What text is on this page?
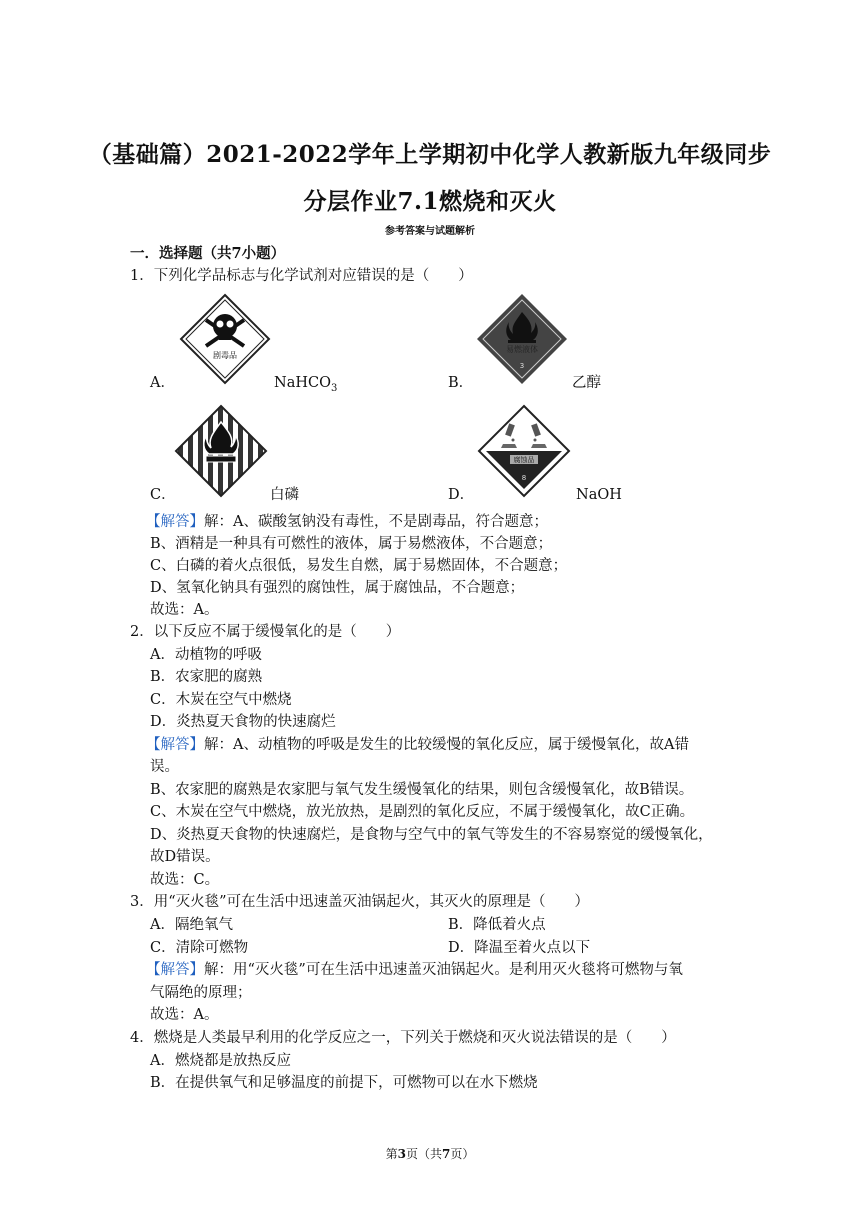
（基础篇）2021-2022学年上学期初中化学人教新版九年级同步
分层作业7.1燃烧和灭火
参考答案与试题解析
一．选择题（共7小题）
1．下列化学品标志与化学试剂对应错误的是（　　）
剧毒品
易燃液体
3
A．	NaHCO$_3$	B．	乙醇
腐蚀品
8
C．	白磷	D．	NaOH
【解答】解：A、碳酸氢钠没有毒性，不是剧毒品，符合题意；
B、酒精是一种具有可燃性的液体，属于易燃液体，不合题意；
C、白磷的着火点很低，易发生自燃，属于易燃固体，不合题意；
D、氢氧化钠具有强烈的腐蚀性，属于腐蚀品，不合题意；
故选：A。
2．以下反应不属于缓慢氧化的是（　　）
A．动植物的呼吸
B．农家肥的腐熟
C．木炭在空气中燃烧
D．炎热夏天食物的快速腐烂
【解答】解：A、动植物的呼吸是发生的比较缓慢的氧化反应，属于缓慢氧化，故A错
误。
B、农家肥的腐熟是农家肥与氧气发生缓慢氧化的结果，则包含缓慢氧化，故B错误。
C、木炭在空气中燃烧，放光放热，是剧烈的氧化反应，不属于缓慢氧化，故C正确。
D、炎热夏天食物的快速腐烂，是食物与空气中的氧气等发生的不容易察觉的缓慢氧化，
故D错误。
故选：C。
3．用“灭火毯”可在生活中迅速盖灭油锅起火，其灭火的原理是（　　）
A．隔绝氧气	B．降低着火点
C．清除可燃物	D．降温至着火点以下
【解答】解：用“灭火毯”可在生活中迅速盖灭油锅起火。是利用灭火毯将可燃物与氧
气隔绝的原理；
故选：A。
4．燃烧是人类最早利用的化学反应之一，下列关于燃烧和灭火说法错误的是（　　）
A．燃烧都是放热反应
B．在提供氧气和足够温度的前提下，可燃物可以在水下燃烧
第3页（共7页）
